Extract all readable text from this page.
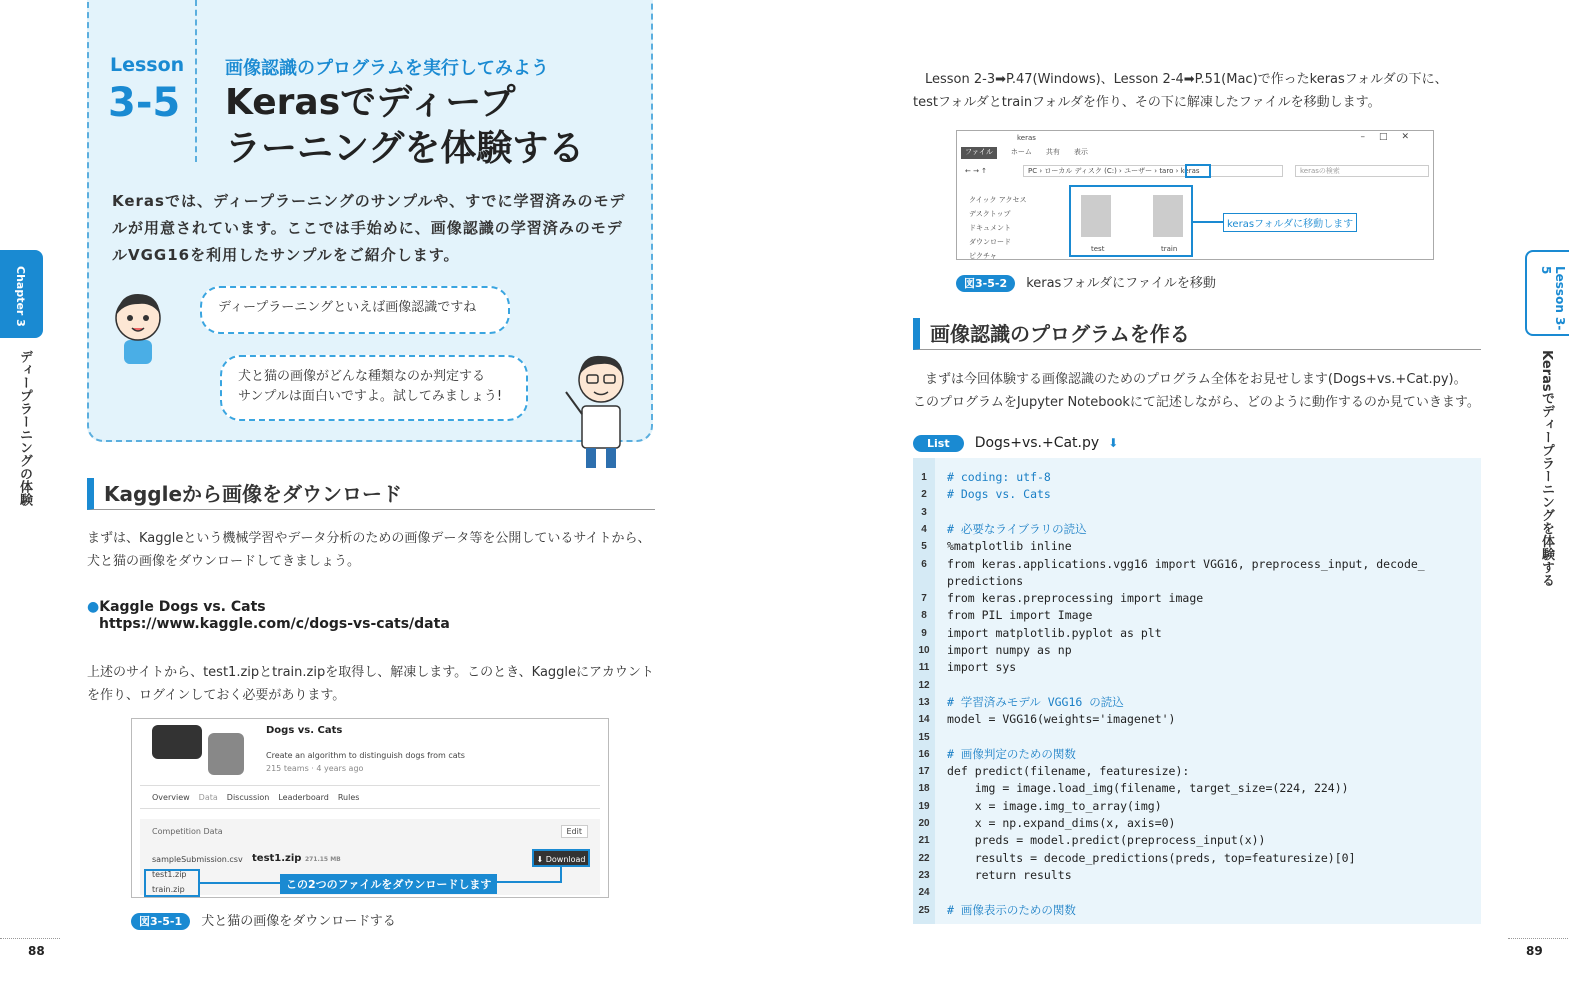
Lesson
3-5
画像認識のプログラムを実行してみよう
Kerasでディープ
ラーニングを体験する
Kerasでは、ディープラーニングのサンプルや、すでに学習済みのモデルが用意されています。ここでは手始めに、画像認識の学習済みのモデルVGG16を利用したサンプルをご紹介します。
ディープラーニングといえば画像認識ですね
犬と猫の画像がどんな種類なのか判定する
サンプルは面白いですよ。試してみましょう!
Kaggleから画像をダウンロード
まずは、Kaggleという機械学習やデータ分析のための画像データ等を公開しているサイトから、犬と猫の画像をダウンロードしてきましょう。
●Kaggle Dogs vs. Cats
https://www.kaggle.com/c/dogs-vs-cats/data
上述のサイトから、test1.zipとtrain.zipを取得し、解凍します。このとき、Kaggleにアカウントを作り、ログインしておく必要があります。
Dogs vs. Cats
Create an algorithm to distinguish dogs from cats
215 teams · 4 years ago
Overview Data Discussion Leaderboard Rules
Competition Data	Edit
sampleSubmission.csv
test1.zip
train.zip
test1.zip 271.15 MB	⬇ Download
この2つのファイルをダウンロードします
図3-5-1 犬と猫の画像をダウンロードする
88
Chapter 3
ディープラーニングの体験
Lesson 2-3➡P.47(Windows)、Lesson 2-4➡P.51(Mac)で作ったkerasフォルダの下に、
testフォルダとtrainフォルダを作り、その下に解凍したファイルを移動します。
keras	–□✕
ファイル	ホーム 共有 表示
← → ↑	PC › ローカル ディスク (C:) › ユーザー › taro › keras	kerasの検索
クイック アクセス
デスクトップ
ドキュメント
ダウンロード
ピクチャ
test	train
kerasフォルダに移動します
図3-5-2 kerasフォルダにファイルを移動
画像認識のプログラムを作る
まずは今回体験する画像認識のためのプログラム全体をお見せします(Dogs+vs.+Cat.py)。
このプログラムをJupyter Notebookにて記述しながら、どのように動作するのか見ていきます。
List Dogs+vs.+Cat.py ⬇
1	# coding: utf-8
2	# Dogs vs. Cats
3
4	# 必要なライブラリの読込
5	%matplotlib inline
6	from keras.applications.vgg16 import VGG16, preprocess_input, decode_
predictions
7	from keras.preprocessing import image
8	from PIL import Image
9	import matplotlib.pyplot as plt
10	import numpy as np
11	import sys
12
13	# 学習済みモデル VGG16 の読込
14	model = VGG16(weights='imagenet')
15
16	# 画像判定のための関数
17	def predict(filename, featuresize):
18	img = image.load_img(filename, target_size=(224, 224))
19	x = image.img_to_array(img)
20	x = np.expand_dims(x, axis=0)
21	preds = model.predict(preprocess_input(x))
22	results = decode_predictions(preds, top=featuresize)[0]
23	return results
24
25	# 画像表示のための関数
89
Lesson 3-5
Kerasでディープラーニングを体験する
